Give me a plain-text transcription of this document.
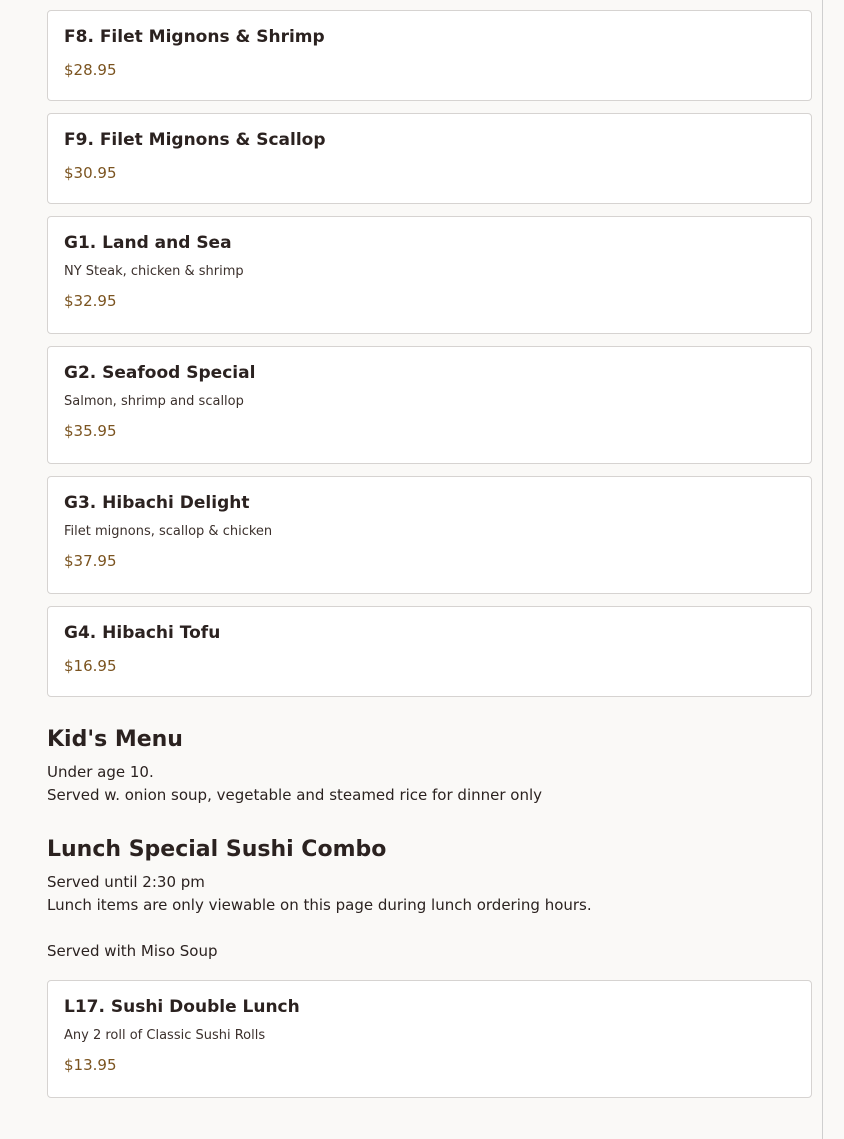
F8. Filet Mignons & Shrimp
$28.95
F9. Filet Mignons & Scallop
$30.95
G1. Land and Sea
NY Steak, chicken & shrimp
$32.95
G2. Seafood Special
Salmon, shrimp and scallop
$35.95
G3. Hibachi Delight
Filet mignons, scallop & chicken
$37.95
G4. Hibachi Tofu
$16.95
Kid's Menu
Under age 10.
Served w. onion soup, vegetable and steamed rice for dinner only
Lunch Special Sushi Combo
Served until 2:30 pm
Lunch items are only viewable on this page during lunch ordering hours.
Served with Miso Soup
L17. Sushi Double Lunch
Any 2 roll of Classic Sushi Rolls
$13.95
